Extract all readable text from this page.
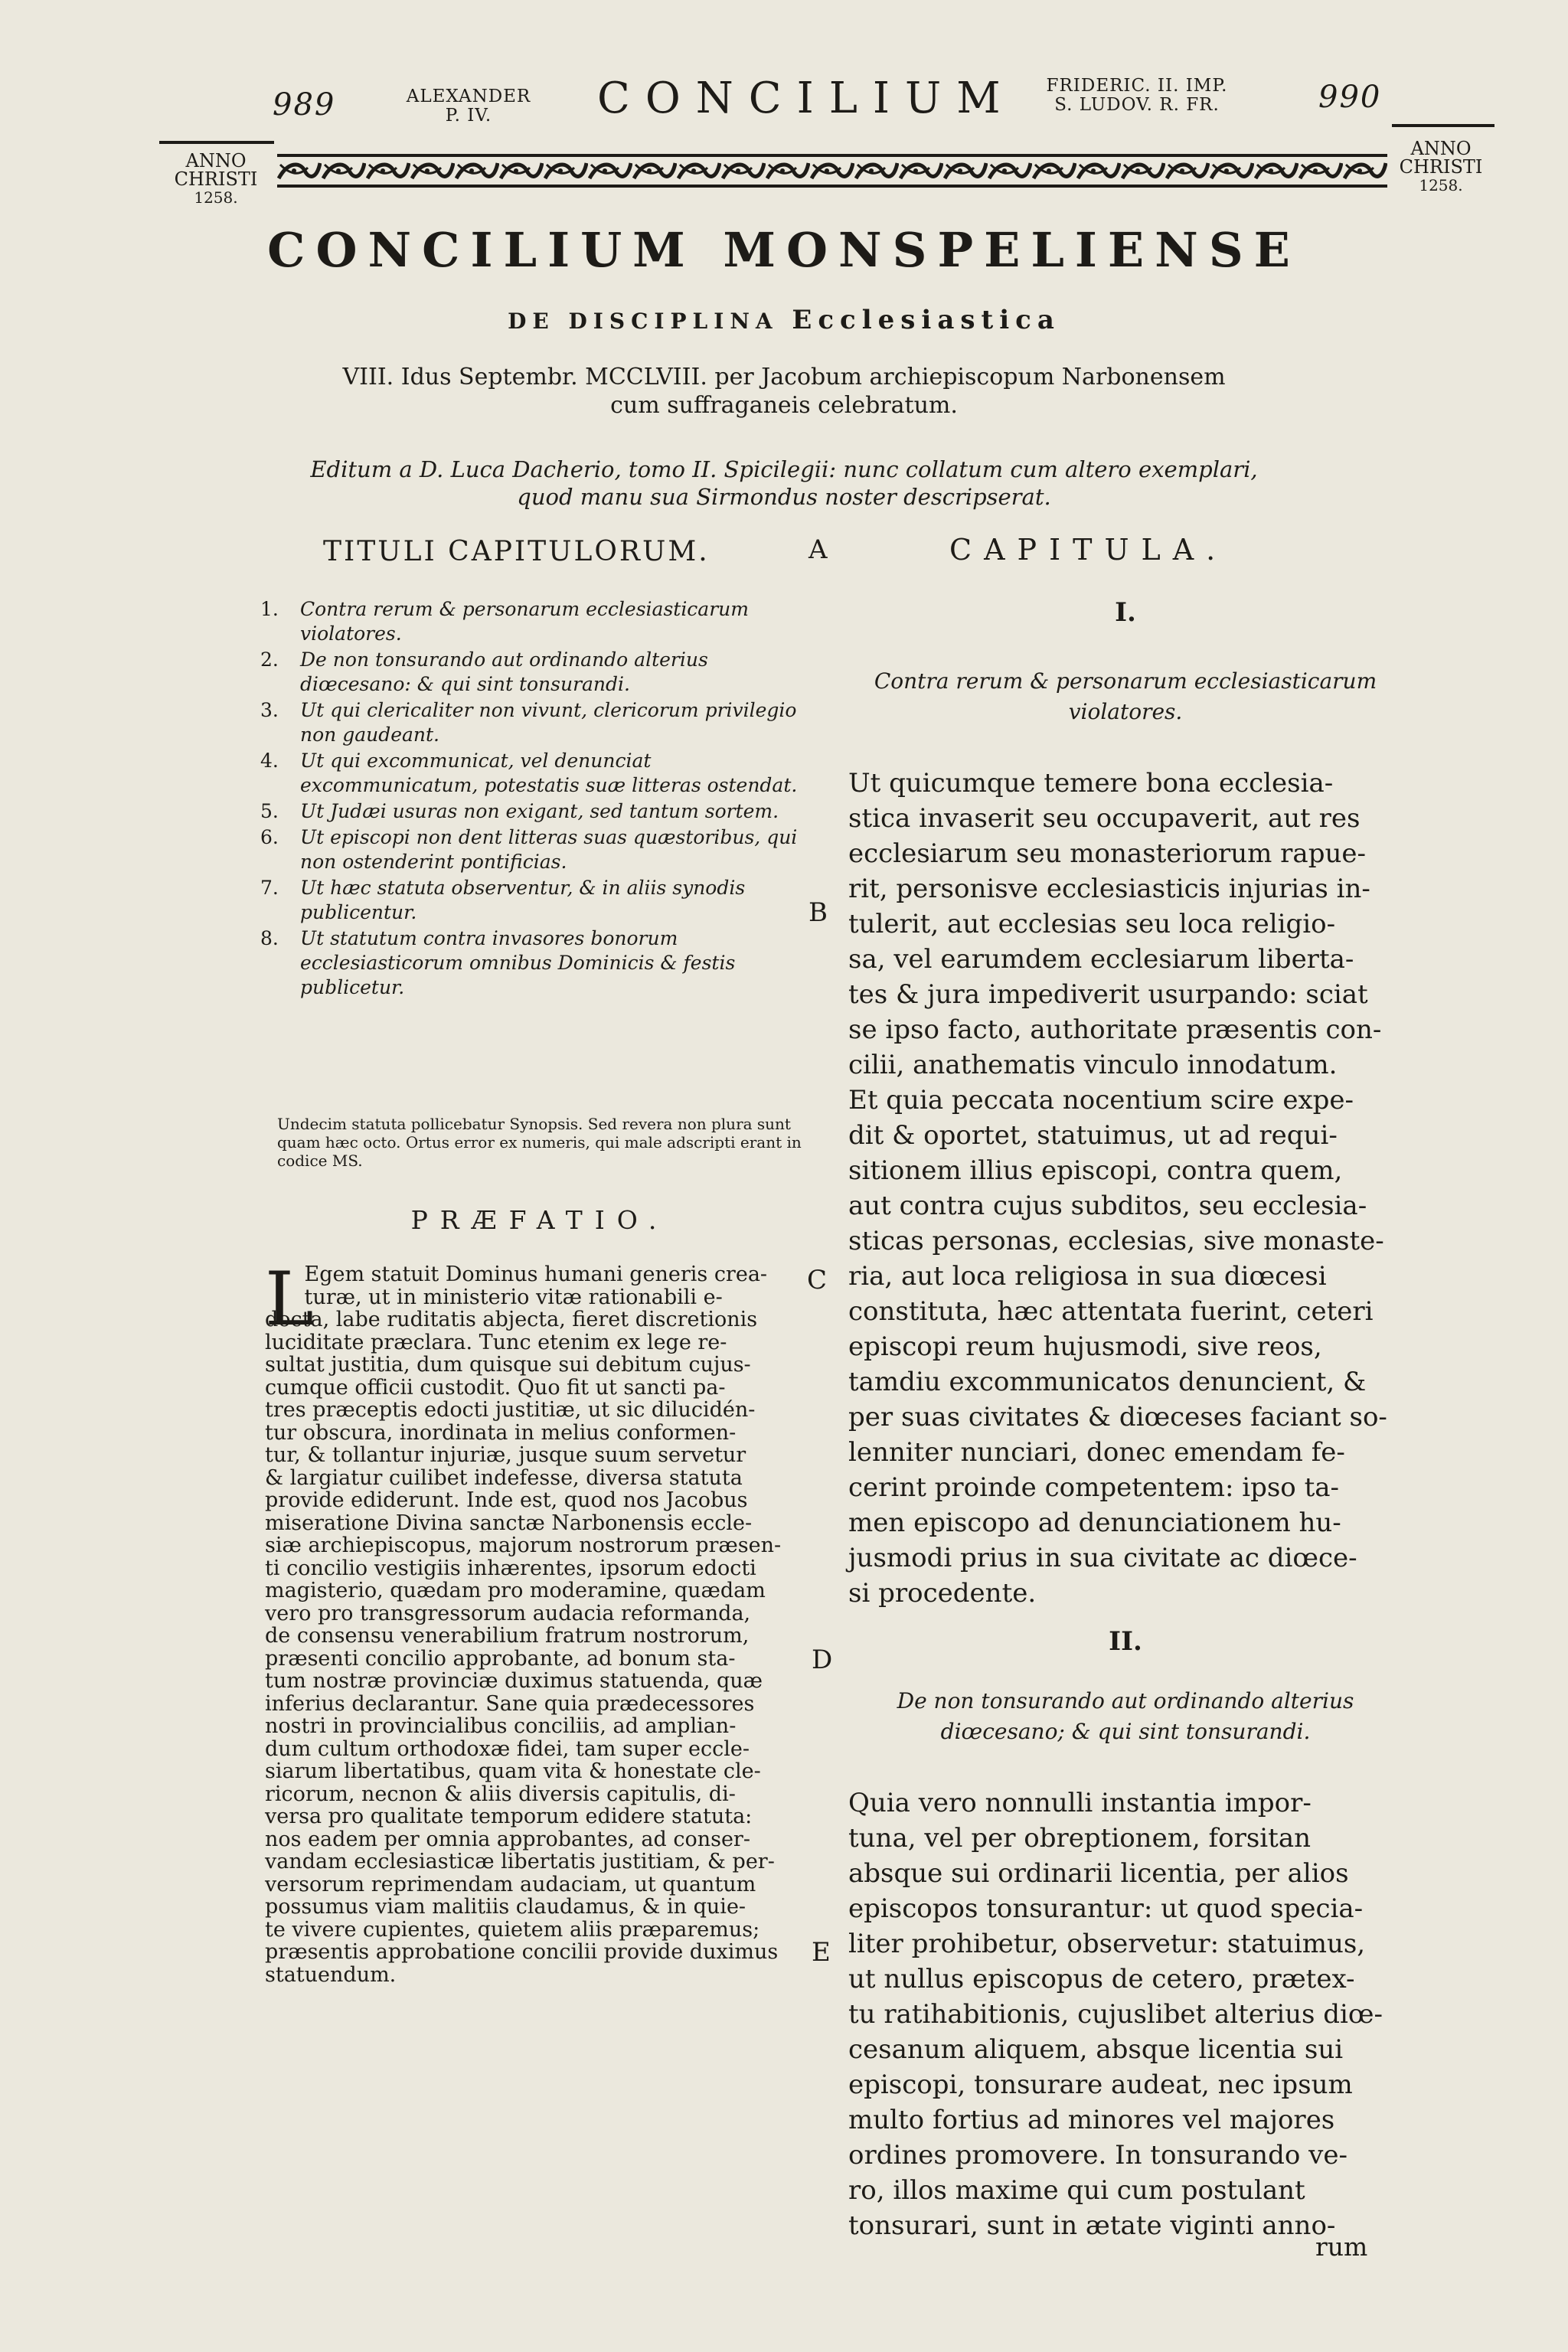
989	ALEXANDER
P. IV.	CONCILIUM	FRIDERIC. II. IMP.
S. LUDOV. R. FR.	990
ANNO
CHRISTI
1258.
ANNO
CHRISTI
1258.
CONCILIUM MONSPELIENSE
DE DISCIPLINA Ecclesiastica
VIII. Idus Septembr. MCCLVIII. per Jacobum archiepiscopum Narbonensem
cum suffraganeis celebratum.
Editum a D. Luca Dacherio, tomo II. Spicilegii: nunc collatum cum altero exemplari,
quod manu sua Sirmondus noster descripserat.
TITULI CAPITULORUM.	A	CAPITULA.
1. Contra rerum & personarum ecclesiasticarum violatores.
2. De non tonsurando aut ordinando alterius diœcesano: & qui sint tonsurandi.
3. Ut qui clericaliter non vivunt, clericorum privilegio non gaudeant.
4. Ut qui excommunicat, vel denunciat excommunicatum, potestatis suæ litteras ostendat.
5. Ut Judæi usuras non exigant, sed tantum sortem.
6. Ut episcopi non dent litteras suas quæstoribus, qui non ostenderint pontificias.
7. Ut hæc statuta observentur, & in aliis synodis publicentur.
8. Ut statutum contra invasores bonorum ecclesiasticorum omnibus Dominicis & festis publicetur.
B
Undecim statuta pollicebatur Synopsis. Sed revera non plura sunt quam hæc octo. Ortus error ex numeris, qui male adscripti erant in codice MS.
PRÆFATIO.
L
Egem statuit Dominus humani generis crea-
turæ, ut in ministerio vitæ rationabili e-
docta, labe ruditatis abjecta, fieret discretionis
luciditate præclara. Tunc etenim ex lege re-
sultat justitia, dum quisque sui debitum cujus-
cumque officii custodit. Quo fit ut sancti pa-
tres præceptis edocti justitiæ, ut sic dilucidén-
tur obscura, inordinata in melius conformen-
tur, & tollantur injuriæ, jusque suum servetur
& largiatur cuilibet indefesse, diversa statuta
provide ediderunt. Inde est, quod nos Jacobus
miseratione Divina sanctæ Narbonensis eccle-
siæ archiepiscopus, majorum nostrorum præsen-
ti concilio vestigiis inhærentes, ipsorum edocti
magisterio, quædam pro moderamine, quædam
vero pro transgressorum audacia reformanda,
de consensu venerabilium fratrum nostrorum,
præsenti concilio approbante, ad bonum sta-
tum nostræ provinciæ duximus statuenda, quæ
inferius declarantur. Sane quia prædecessores
nostri in provincialibus conciliis, ad amplian-
dum cultum orthodoxæ fidei, tam super eccle-
siarum libertatibus, quam vita & honestate cle-
ricorum, necnon & aliis diversis capitulis, di-
versa pro qualitate temporum edidere statuta:
nos eadem per omnia approbantes, ad conser-
vandam ecclesiasticæ libertatis justitiam, & per-
versorum reprimendam audaciam, ut quantum
possumus viam malitiis claudamus, & in quie-
te vivere cupientes, quietem aliis præparemus;
præsentis approbatione concilii provide duximus
statuendum.
C
D
E
I.
Contra rerum & personarum ecclesiasticarum
violatores.
Ut quicumque temere bona ecclesia-
stica invaserit seu occupaverit, aut res
ecclesiarum seu monasteriorum rapue-
rit, personisve ecclesiasticis injurias in-
tulerit, aut ecclesias seu loca religio-
sa, vel earumdem ecclesiarum liberta-
tes & jura impediverit usurpando: sciat
se ipso facto, authoritate præsentis con-
cilii, anathematis vinculo innodatum.
Et quia peccata nocentium scire expe-
dit & oportet, statuimus, ut ad requi-
sitionem illius episcopi, contra quem,
aut contra cujus subditos, seu ecclesia-
sticas personas, ecclesias, sive monaste-
ria, aut loca religiosa in sua diœcesi
constituta, hæc attentata fuerint, ceteri
episcopi reum hujusmodi, sive reos,
tamdiu excommunicatos denuncient, &
per suas civitates & diœceses faciant so-
lenniter nunciari, donec emendam fe-
cerint proinde competentem: ipso ta-
men episcopo ad denunciationem hu-
jusmodi prius in sua civitate ac diœce-
si procedente.
II.
De non tonsurando aut ordinando alterius
diœcesano; & qui sint tonsurandi.
Quia vero nonnulli instantia impor-
tuna, vel per obreptionem, forsitan
absque sui ordinarii licentia, per alios
episcopos tonsurantur: ut quod specia-
liter prohibetur, observetur: statuimus,
ut nullus episcopus de cetero, prætex-
tu ratihabitionis, cujuslibet alterius diœ-
cesanum aliquem, absque licentia sui
episcopi, tonsurare audeat, nec ipsum
multo fortius ad minores vel majores
ordines promovere. In tonsurando ve-
ro, illos maxime qui cum postulant
tonsurari, sunt in ætate viginti anno-
rum
